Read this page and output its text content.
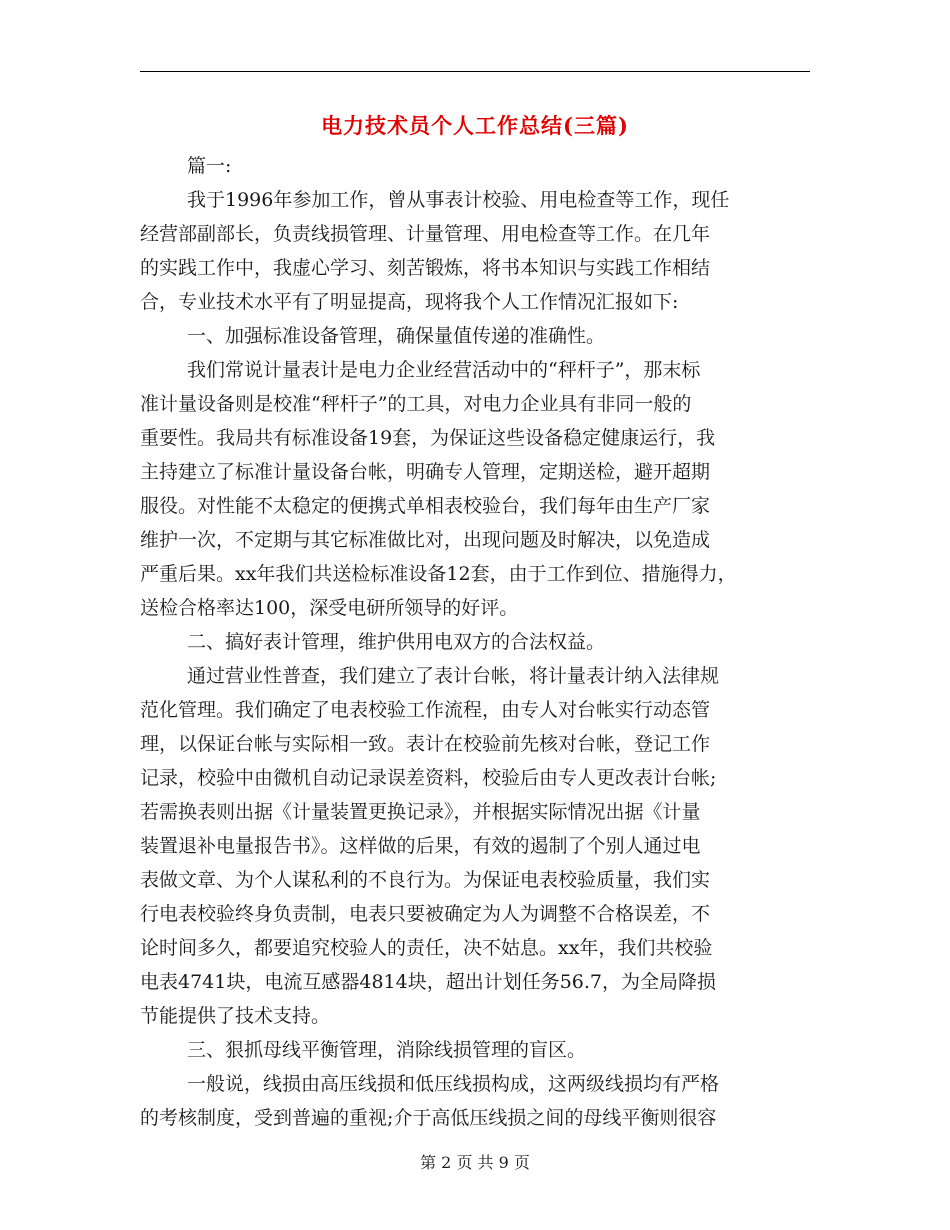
电力技术员个人工作总结(三篇)
篇一:
我于1996年参加工作，曾从事表计校验、用电检查等工作，现任
经营部副部长，负责线损管理、计量管理、用电检查等工作。在几年
的实践工作中，我虚心学习、刻苦锻炼，将书本知识与实践工作相结
合，专业技术水平有了明显提高，现将我个人工作情况汇报如下:
一、加强标准设备管理，确保量值传递的准确性。
我们常说计量表计是电力企业经营活动中的“秤杆子”，那末标
准计量设备则是校准“秤杆子”的工具，对电力企业具有非同一般的
重要性。我局共有标准设备19套，为保证这些设备稳定健康运行，我
主持建立了标准计量设备台帐，明确专人管理，定期送检，避开超期
服役。对性能不太稳定的便携式单相表校验台，我们每年由生产厂家
维护一次，不定期与其它标准做比对，出现问题及时解决，以免造成
严重后果。xx年我们共送检标准设备12套，由于工作到位、措施得力，
送检合格率达100，深受电研所领导的好评。
二、搞好表计管理，维护供用电双方的合法权益。
通过营业性普查，我们建立了表计台帐，将计量表计纳入法律规
范化管理。我们确定了电表校验工作流程，由专人对台帐实行动态管
理，以保证台帐与实际相一致。表计在校验前先核对台帐，登记工作
记录，校验中由微机自动记录误差资料，校验后由专人更改表计台帐;
若需换表则出据《计量装置更换记录》，并根据实际情况出据《计量
装置退补电量报告书》。这样做的后果，有效的遏制了个别人通过电
表做文章、为个人谋私利的不良行为。为保证电表校验质量，我们实
行电表校验终身负责制，电表只要被确定为人为调整不合格误差，不
论时间多久，都要追究校验人的责任，决不姑息。xx年，我们共校验
电表4741块，电流互感器4814块，超出计划任务56.7，为全局降损
节能提供了技术支持。
三、狠抓母线平衡管理，消除线损管理的盲区。
一般说，线损由高压线损和低压线损构成，这两级线损均有严格
的考核制度，受到普遍的重视;介于高低压线损之间的母线平衡则很容
第 2 页 共 9 页
